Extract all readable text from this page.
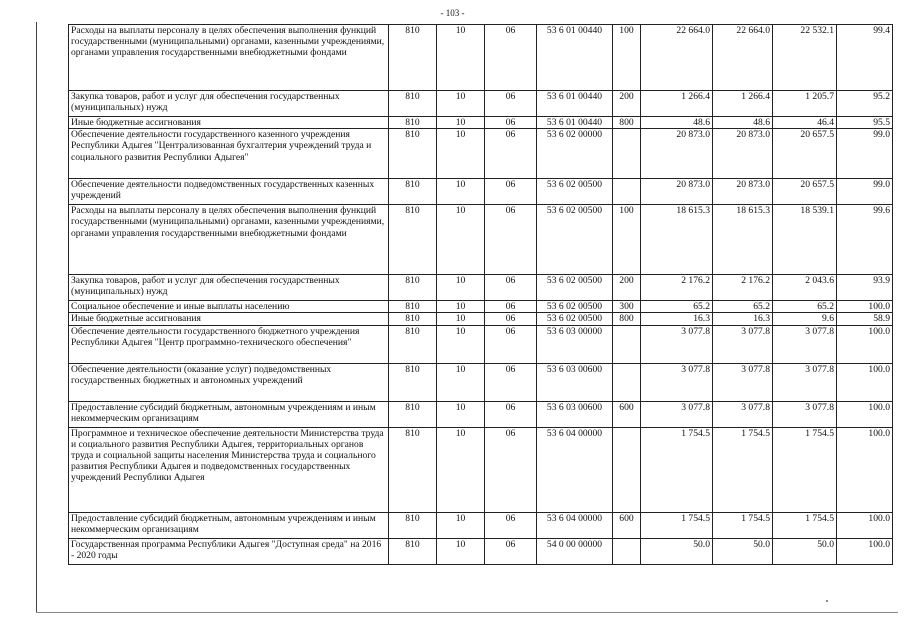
- 103 -
Расходы на выплаты персоналу в целях обеспечения выполнения функций государственными (муниципальными) органами, казенными учреждениями, органами управления государственными внебюджетными фондами	810	10	06	53 6 01 00440	100	22 664.0	22 664.0	22 532.1	99.4
Закупка товаров, работ и услуг для обеспечения государственных (муниципальных) нужд	810	10	06	53 6 01 00440	200	1 266.4	1 266.4	1 205.7	95.2
Иные бюджетные ассигнования	810	10	06	53 6 01 00440	800	48.6	48.6	46.4	95.5
Обеспечение деятельности государственного казенного учреждения Республики Адыгея "Централизованная бухгалтерия учреждений труда и социального развития Республики Адыгея"	810	10	06	53 6 02 00000		20 873.0	20 873.0	20 657.5	99.0
Обеспечение деятельности подведомственных государственных казенных учреждений	810	10	06	53 6 02 00500		20 873.0	20 873.0	20 657.5	99.0
Расходы на выплаты персоналу в целях обеспечения выполнения функций государственными (муниципальными) органами, казенными учреждениями, органами управления государственными внебюджетными фондами	810	10	06	53 6 02 00500	100	18 615.3	18 615.3	18 539.1	99.6
Закупка товаров, работ и услуг для обеспечения государственных (муниципальных) нужд	810	10	06	53 6 02 00500	200	2 176.2	2 176.2	2 043.6	93.9
Социальное обеспечение и иные выплаты населению	810	10	06	53 6 02 00500	300	65.2	65.2	65.2	100.0
Иные бюджетные ассигнования	810	10	06	53 6 02 00500	800	16.3	16.3	9.6	58.9
Обеспечение деятельности государственного бюджетного учреждения Республики Адыгея "Центр программно-технического обеспечения"	810	10	06	53 6 03 00000		3 077.8	3 077.8	3 077.8	100.0
Обеспечение деятельности (оказание услуг) подведомственных государственных бюджетных и автономных учреждений	810	10	06	53 6 03 00600		3 077.8	3 077.8	3 077.8	100.0
Предоставление субсидий бюджетным, автономным учреждениям и иным некоммерческим организациям	810	10	06	53 6 03 00600	600	3 077.8	3 077.8	3 077.8	100.0
Программное и техническое обеспечение деятельности Министерства труда и социального развития Республики Адыгея, территориальных органов труда и социальной защиты населения Министерства труда и социального развития Республики Адыгея и подведомственных государственных учреждений Республики Адыгея	810	10	06	53 6 04 00000		1 754.5	1 754.5	1 754.5	100.0
Предоставление субсидий бюджетным, автономным учреждениям и иным некоммерческим организациям	810	10	06	53 6 04 00000	600	1 754.5	1 754.5	1 754.5	100.0
Государственная программа Республики Адыгея "Доступная среда" на 2016 - 2020 годы	810	10	06	54 0 00 00000		50.0	50.0	50.0	100.0
